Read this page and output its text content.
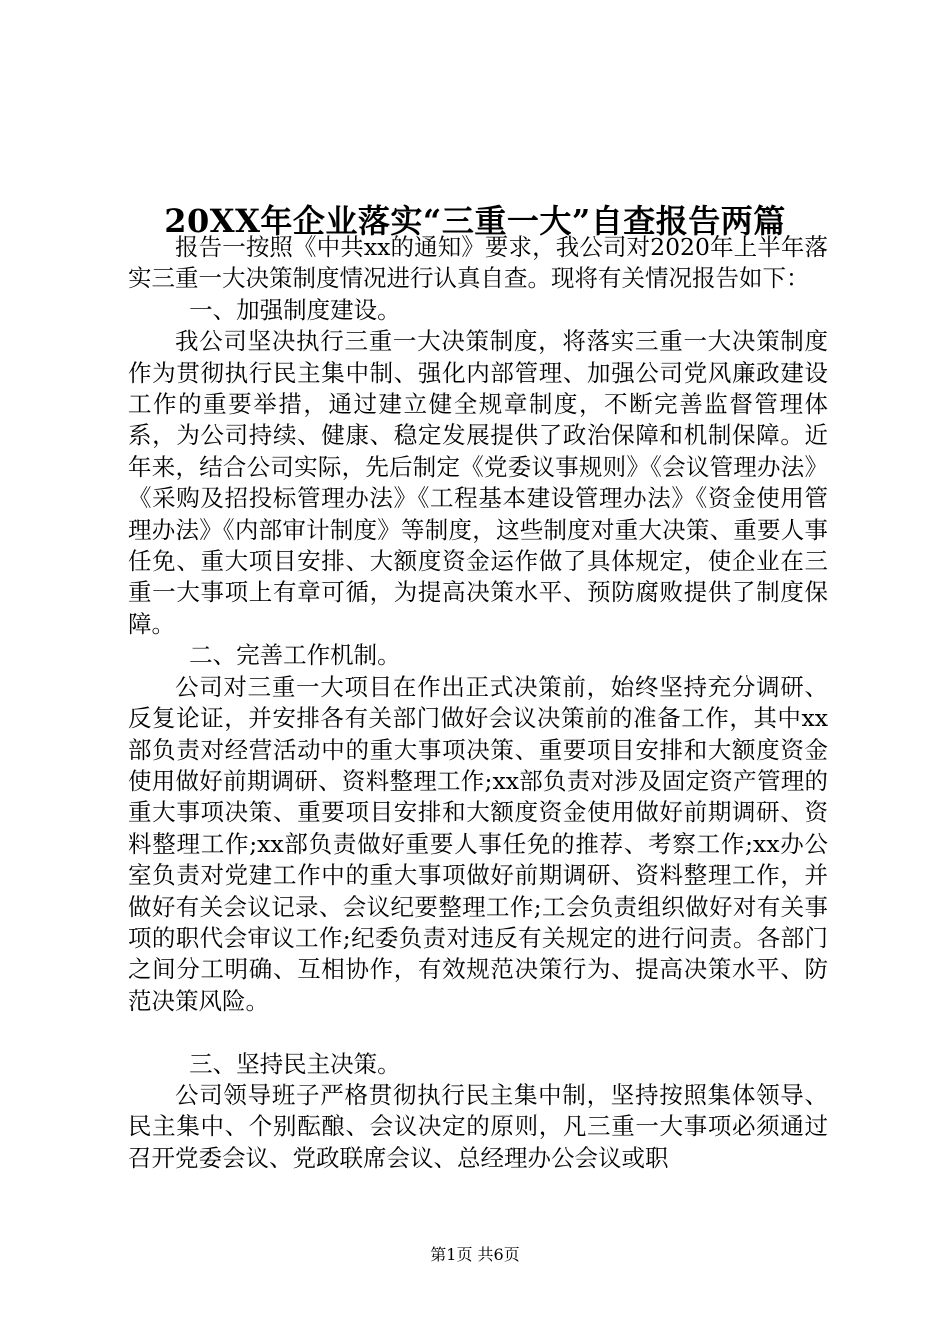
20XX年企业落实“三重一大”自查报告两篇

报告一按照《中共xx的通知》要求，我公司对2020年上半年落实三重一大决策制度情况进行认真自查。现将有关情况报告如下：

一、加强制度建设。

我公司坚决执行三重一大决策制度，将落实三重一大决策制度作为贯彻执行民主集中制、强化内部管理、加强公司党风廉政建设工作的重要举措，通过建立健全规章制度，不断完善监督管理体系，为公司持续、健康、稳定发展提供了政治保障和机制保障。近年来，结合公司实际，先后制定《党委议事规则》《会议管理办法》《采购及招投标管理办法》《工程基本建设管理办法》《资金使用管理办法》《内部审计制度》等制度，这些制度对重大决策、重要人事任免、重大项目安排、大额度资金运作做了具体规定，使企业在三重一大事项上有章可循，为提高决策水平、预防腐败提供了制度保障。

二、完善工作机制。

公司对三重一大项目在作出正式决策前，始终坚持充分调研、反复论证，并安排各有关部门做好会议决策前的准备工作，其中xx部负责对经营活动中的重大事项决策、重要项目安排和大额度资金使用做好前期调研、资料整理工作;xx部负责对涉及固定资产管理的重大事项决策、重要项目安排和大额度资金使用做好前期调研、资料整理工作;xx部负责做好重要人事任免的推荐、考察工作;xx办公室负责对党建工作中的重大事项做好前期调研、资料整理工作，并做好有关会议记录、会议纪要整理工作;工会负责组织做好对有关事项的职代会审议工作;纪委负责对违反有关规定的进行问责。各部门之间分工明确、互相协作，有效规范决策行为、提高决策水平、防范决策风险。

三、坚持民主决策。

公司领导班子严格贯彻执行民主集中制，坚持按照集体领导、民主集中、个别酝酿、会议决定的原则，凡三重一大事项必须通过召开党委会议、党政联席会议、总经理办公会议或职

第1页 共6页
